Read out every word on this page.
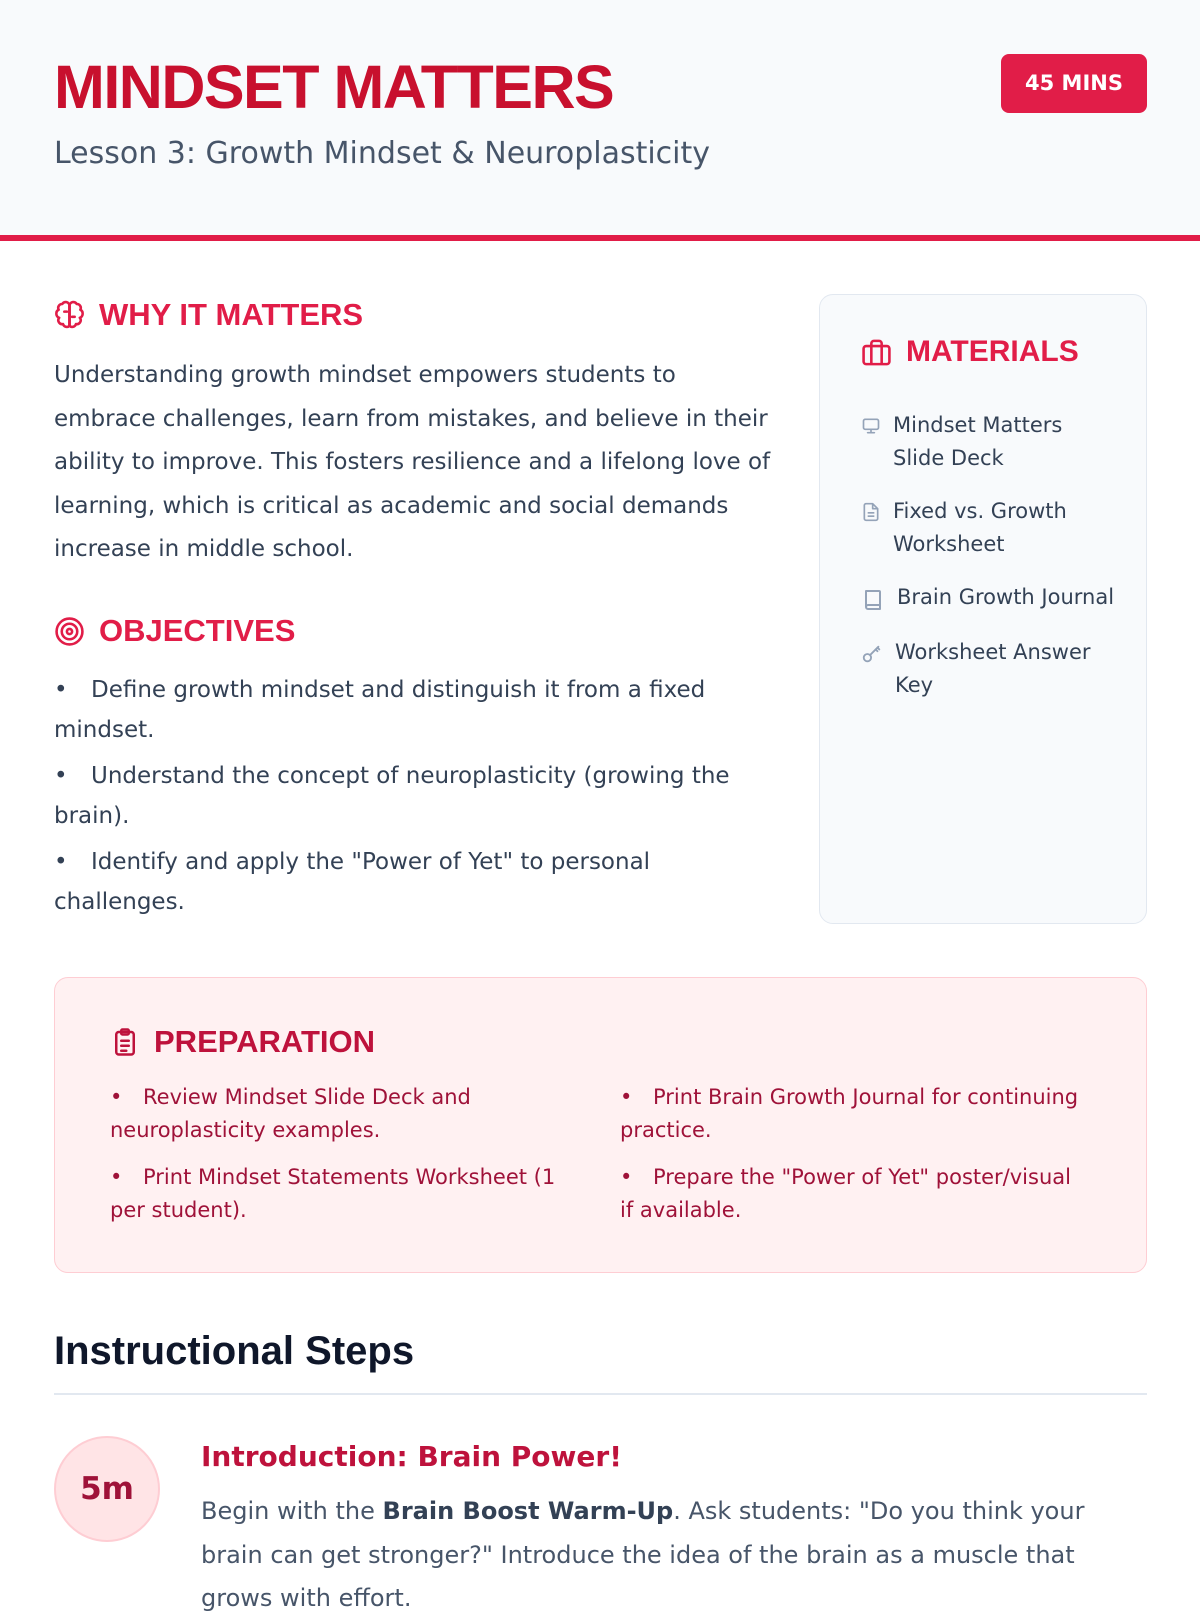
MINDSET MATTERS	45 MINS
Lesson 3: Growth Mindset & Neuroplasticity
WHY IT MATTERS

Understanding growth mindset empowers students to embrace challenges, learn from mistakes, and believe in their ability to improve. This fosters resilience and a lifelong love of learning, which is critical as academic and social demands increase in middle school.

OBJECTIVES
• Define growth mindset and distinguish it from a fixed mindset.
• Understand the concept of neuroplasticity (growing the brain).
• Identify and apply the "Power of Yet" to personal challenges.
MATERIALS
Mindset Matters Slide Deck
Fixed vs. Growth Worksheet
Brain Growth Journal
Worksheet Answer Key
PREPARATION
• Review Mindset Slide Deck and neuroplasticity examples.
• Print Mindset Statements Worksheet (1 per student).
• Print Brain Growth Journal for continuing practice.
• Prepare the "Power of Yet" poster/visual if available.
Instructional Steps
5m
Introduction: Brain Power!

Begin with the Brain Boost Warm-Up. Ask students: "Do you think your brain can get stronger?" Introduce the idea of the brain as a muscle that grows with effort.
